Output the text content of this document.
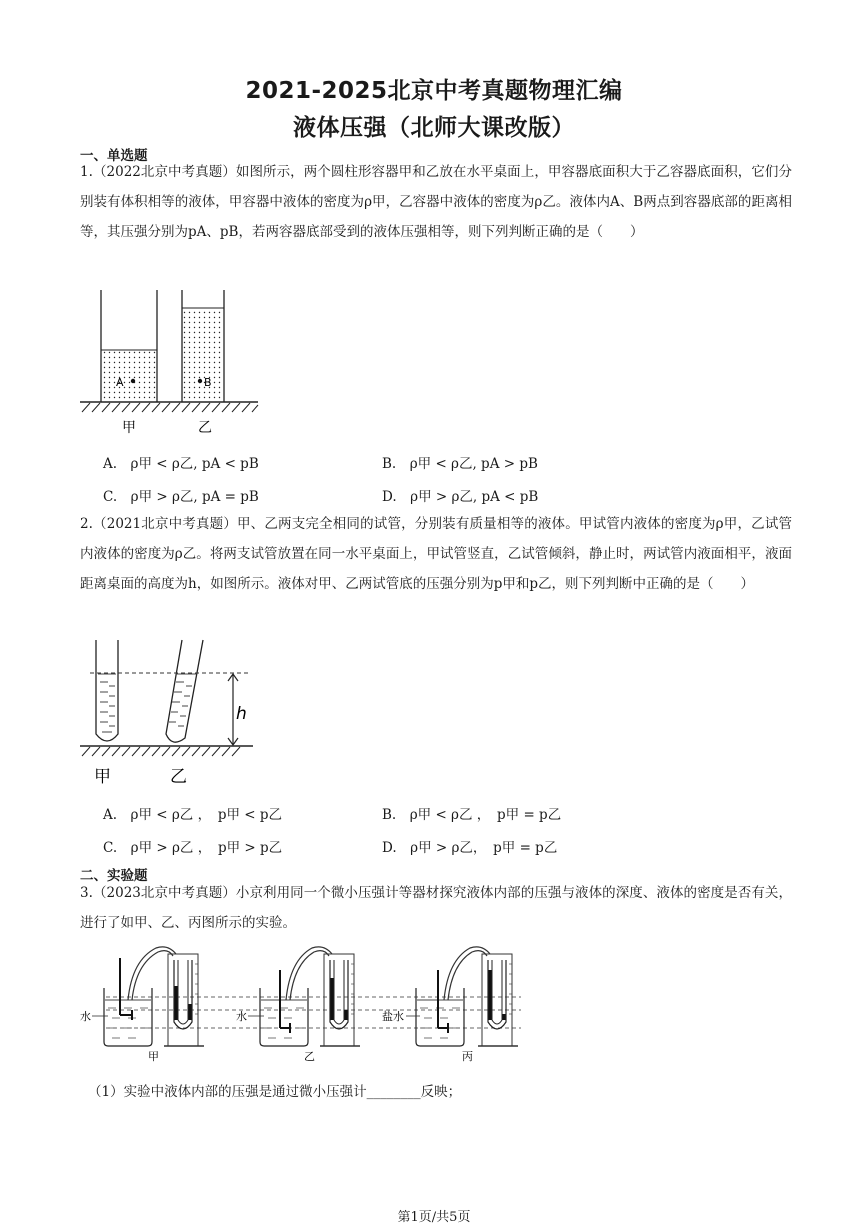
2021-2025北京中考真题物理汇编
液体压强（北师大课改版）
一、单选题
1.（2022北京中考真题）如图所示，两个圆柱形容器甲和乙放在水平桌面上，甲容器底面积大于乙容器底面积，它们分别装有体积相等的液体，甲容器中液体的密度为ρ甲，乙容器中液体的密度为ρ乙。液体内A、B两点到容器底部的距离相等，其压强分别为pA、pB，若两容器底部受到的液体压强相等，则下列判断正确的是（　　）
A	B
甲	乙
A.　ρ甲 < ρ乙, pA < pB	B.　ρ甲 < ρ乙, pA > pB
C.　ρ甲 > ρ乙, pA = pB	D.　ρ甲 > ρ乙, pA < pB
2.（2021北京中考真题）甲、乙两支完全相同的试管，分别装有质量相等的液体。甲试管内液体的密度为ρ甲，乙试管内液体的密度为ρ乙。将两支试管放置在同一水平桌面上，甲试管竖直，乙试管倾斜，静止时，两试管内液面相平，液面距离桌面的高度为h，如图所示。液体对甲、乙两试管底的压强分别为p甲和p乙，则下列判断中正确的是（　　）
h
甲	乙
A.　ρ甲 < ρ乙 ，　p甲 < p乙	B.　ρ甲 < ρ乙 ，　p甲 = p乙
C.　ρ甲 > ρ乙 ，　p甲 > p乙	D.　ρ甲 > ρ乙，　p甲 = p乙
二、实验题
3.（2023北京中考真题）小京利用同一个微小压强计等器材探究液体内部的压强与液体的深度、液体的密度是否有关，进行了如甲、乙、丙图所示的实验。
水
甲
水
乙
盐水
丙
（1）实验中液体内部的压强是通过微小压强计________反映；
第1页/共5页
